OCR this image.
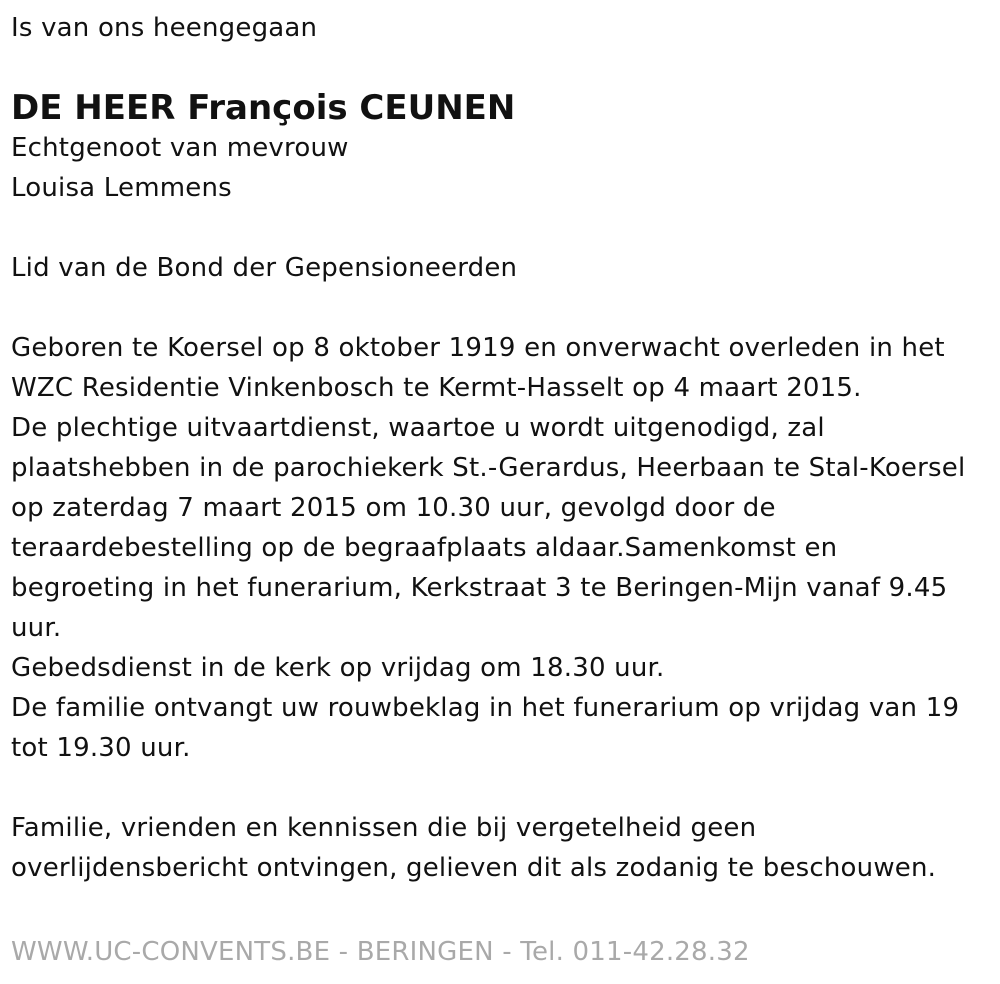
Is van ons heengegaan
DE HEER François CEUNEN
Echtgenoot van mevrouw
Louisa Lemmens
Lid van de Bond der Gepensioneerden
Geboren te Koersel op 8 oktober 1919 en onverwacht overleden in het
WZC Residentie Vinkenbosch te Kermt-Hasselt op 4 maart 2015.
De plechtige uitvaartdienst, waartoe u wordt uitgenodigd, zal
plaatshebben in de parochiekerk St.-Gerardus, Heerbaan te Stal-Koersel
op zaterdag 7 maart 2015 om 10.30 uur, gevolgd door de
teraardebestelling op de begraafplaats aldaar.Samenkomst en
begroeting in het funerarium, Kerkstraat 3 te Beringen-Mijn vanaf 9.45
uur.
Gebedsdienst in de kerk op vrijdag om 18.30 uur.
De familie ontvangt uw rouwbeklag in het funerarium op vrijdag van 19
tot 19.30 uur.
Familie, vrienden en kennissen die bij vergetelheid geen
overlijdensbericht ontvingen, gelieven dit als zodanig te beschouwen.
WWW.UC-CONVENTS.BE - BERINGEN - Tel. 011-42.28.32
